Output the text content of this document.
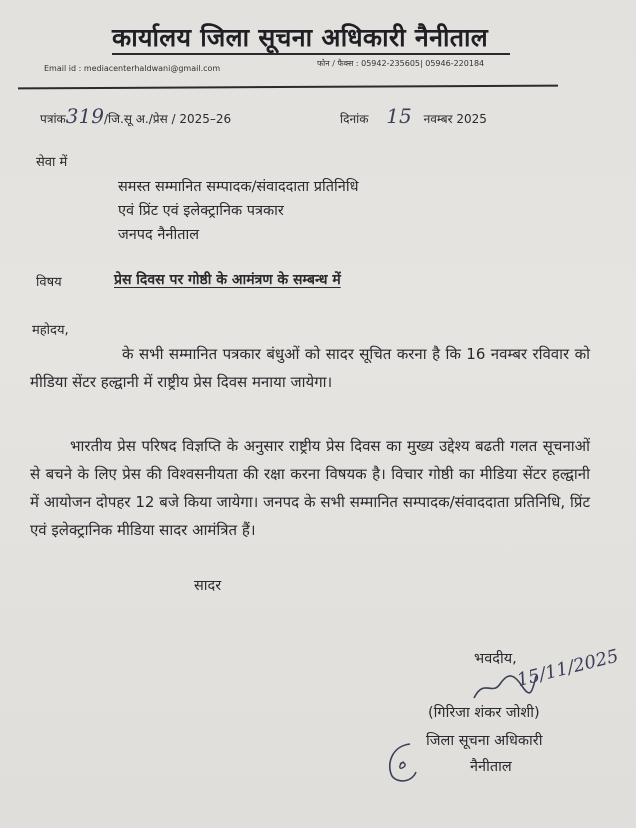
कार्यालय जिला सूचना अधिकारी नैनीताल
Email id : mediacenterhaldwani@gmail.com
फोन / फैक्स : 05942-235605| 05946-220184
पत्रांक319/जि.सू अ./प्रेस / 2025–26	दिनांक 15 नवम्बर 2025
सेवा में
समस्त सम्मानित सम्पादक/संवाददाता प्रतिनिधि
एवं प्रिंट एवं इलेक्ट्रानिक पत्रकार
जनपद नैनीताल
विषय	प्रेस दिवस पर गोष्ठी के आमंत्रण के सम्बन्ध में
महोदय,
के सभी सम्मानित पत्रकार बंधुओं को सादर सूचित करना है कि 16 नवम्बर रविवार को मीडिया सेंटर हल्द्वानी में राष्ट्रीय प्रेस दिवस मनाया जायेगा।
भारतीय प्रेस परिषद विज्ञप्ति के अनुसार राष्ट्रीय प्रेस दिवस का मुख्य उद्देश्य बढती गलत सूचनाओं से बचने के लिए प्रेस की विश्वसनीयता की रक्षा करना विषयक है। विचार गोष्ठी का मीडिया सेंटर हल्द्वानी में आयोजन दोपहर 12 बजे किया जायेगा। जनपद के सभी सम्मानित सम्पादक/संवाददाता प्रतिनिधि, प्रिंट एवं इलेक्ट्रानिक मीडिया सादर आमंत्रित हैं।
सादर
भवदीय,
15/11/2025
(गिरिजा शंकर जोशी)
जिला सूचना अधिकारी
नैनीताल
